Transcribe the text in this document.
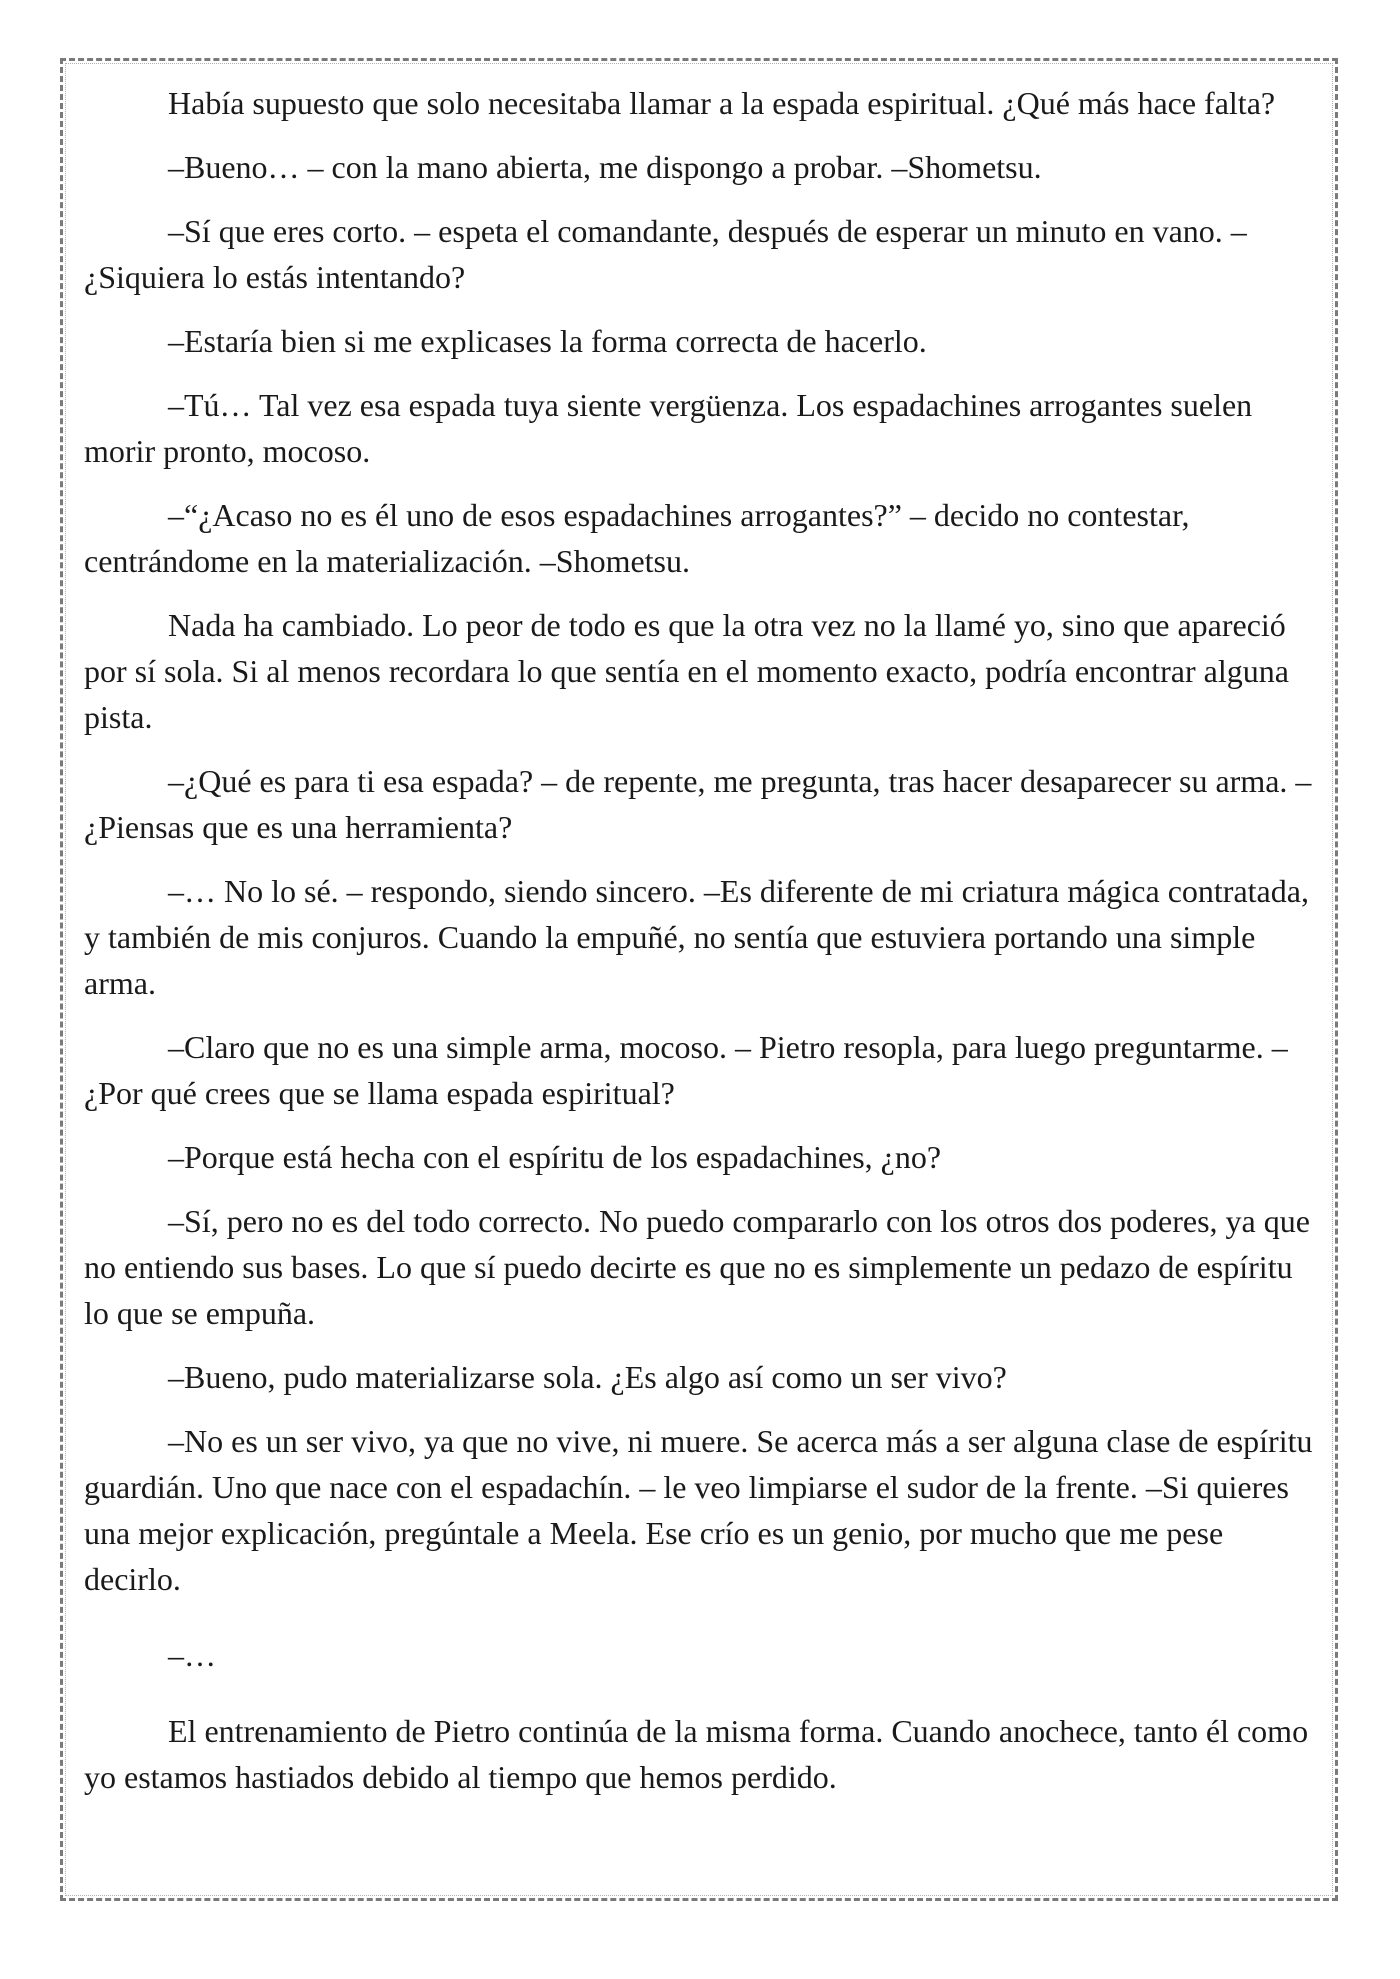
Había supuesto que solo necesitaba llamar a la espada espiritual. ¿Qué más hace falta?

–Bueno… – con la mano abierta, me dispongo a probar. –Shometsu.

–Sí que eres corto. – espeta el comandante, después de esperar un minuto en vano. –¿Siquiera lo estás intentando?

–Estaría bien si me explicases la forma correcta de hacerlo.

–Tú… Tal vez esa espada tuya siente vergüenza. Los espadachines arrogantes suelen morir pronto, mocoso.

–“¿Acaso no es él uno de esos espadachines arrogantes?” – decido no contestar, centrándome en la materialización. –Shometsu.

Nada ha cambiado. Lo peor de todo es que la otra vez no la llamé yo, sino que apareció por sí sola. Si al menos recordara lo que sentía en el momento exacto, podría encontrar alguna pista.

–¿Qué es para ti esa espada? – de repente, me pregunta, tras hacer desaparecer su arma. –¿Piensas que es una herramienta?

–… No lo sé. – respondo, siendo sincero. –Es diferente de mi criatura mágica contratada, y también de mis conjuros. Cuando la empuñé, no sentía que estuviera portando una simple arma.

–Claro que no es una simple arma, mocoso. – Pietro resopla, para luego preguntarme. –¿Por qué crees que se llama espada espiritual?

–Porque está hecha con el espíritu de los espadachines, ¿no?

–Sí, pero no es del todo correcto. No puedo compararlo con los otros dos poderes, ya que no entiendo sus bases. Lo que sí puedo decirte es que no es simplemente un pedazo de espíritu lo que se empuña.

–Bueno, pudo materializarse sola. ¿Es algo así como un ser vivo?

–No es un ser vivo, ya que no vive, ni muere. Se acerca más a ser alguna clase de espíritu guardián. Uno que nace con el espadachín. – le veo limpiarse el sudor de la frente. –Si quieres una mejor explicación, pregúntale a Meela. Ese crío es un genio, por mucho que me pese decirlo.

–…

El entrenamiento de Pietro continúa de la misma forma. Cuando anochece, tanto él como yo estamos hastiados debido al tiempo que hemos perdido.
